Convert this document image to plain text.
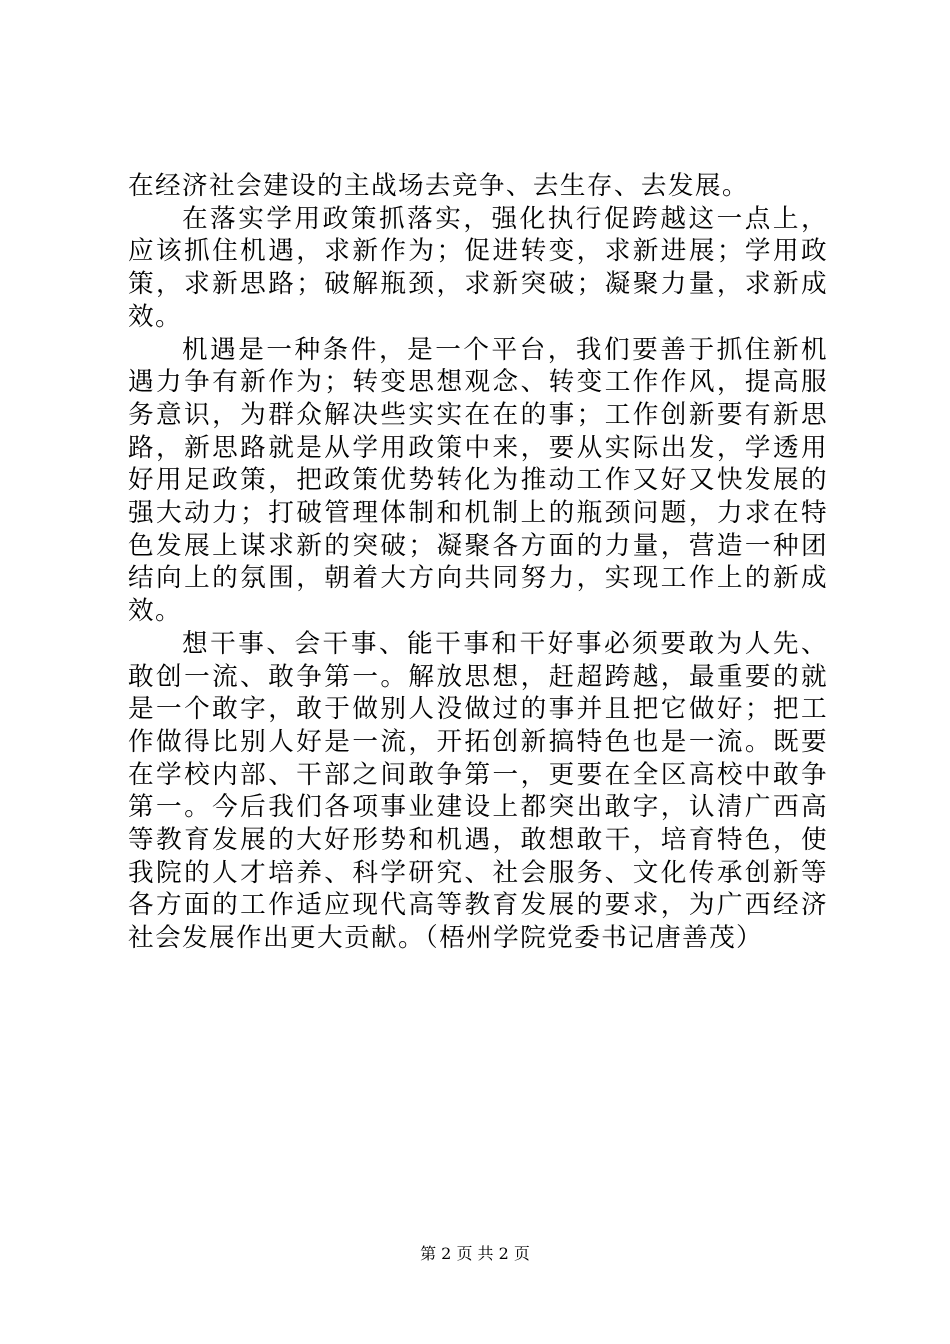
在经济社会建设的主战场去竞争、去生存、去发展。

在落实学用政策抓落实，强化执行促跨越这一点上，应该抓住机遇，求新作为；促进转变，求新进展；学用政策，求新思路；破解瓶颈，求新突破；凝聚力量，求新成效。

机遇是一种条件，是一个平台，我们要善于抓住新机遇力争有新作为；转变思想观念、转变工作作风，提高服务意识，为群众解决些实实在在的事；工作创新要有新思路，新思路就是从学用政策中来，要从实际出发，学透用好用足政策，把政策优势转化为推动工作又好又快发展的强大动力；打破管理体制和机制上的瓶颈问题，力求在特色发展上谋求新的突破；凝聚各方面的力量，营造一种团结向上的氛围，朝着大方向共同努力，实现工作上的新成效。

想干事、会干事、能干事和干好事必须要敢为人先、敢创一流、敢争第一。解放思想，赶超跨越，最重要的就是一个敢字，敢于做别人没做过的事并且把它做好；把工作做得比别人好是一流，开拓创新搞特色也是一流。既要在学校内部、干部之间敢争第一，更要在全区高校中敢争第一。今后我们各项事业建设上都突出敢字，认清广西高等教育发展的大好形势和机遇，敢想敢干，培育特色，使我院的人才培养、科学研究、社会服务、文化传承创新等各方面的工作适应现代高等教育发展的要求，为广西经济社会发展作出更大贡献。（梧州学院党委书记唐善茂）

第 2 页 共 2 页
